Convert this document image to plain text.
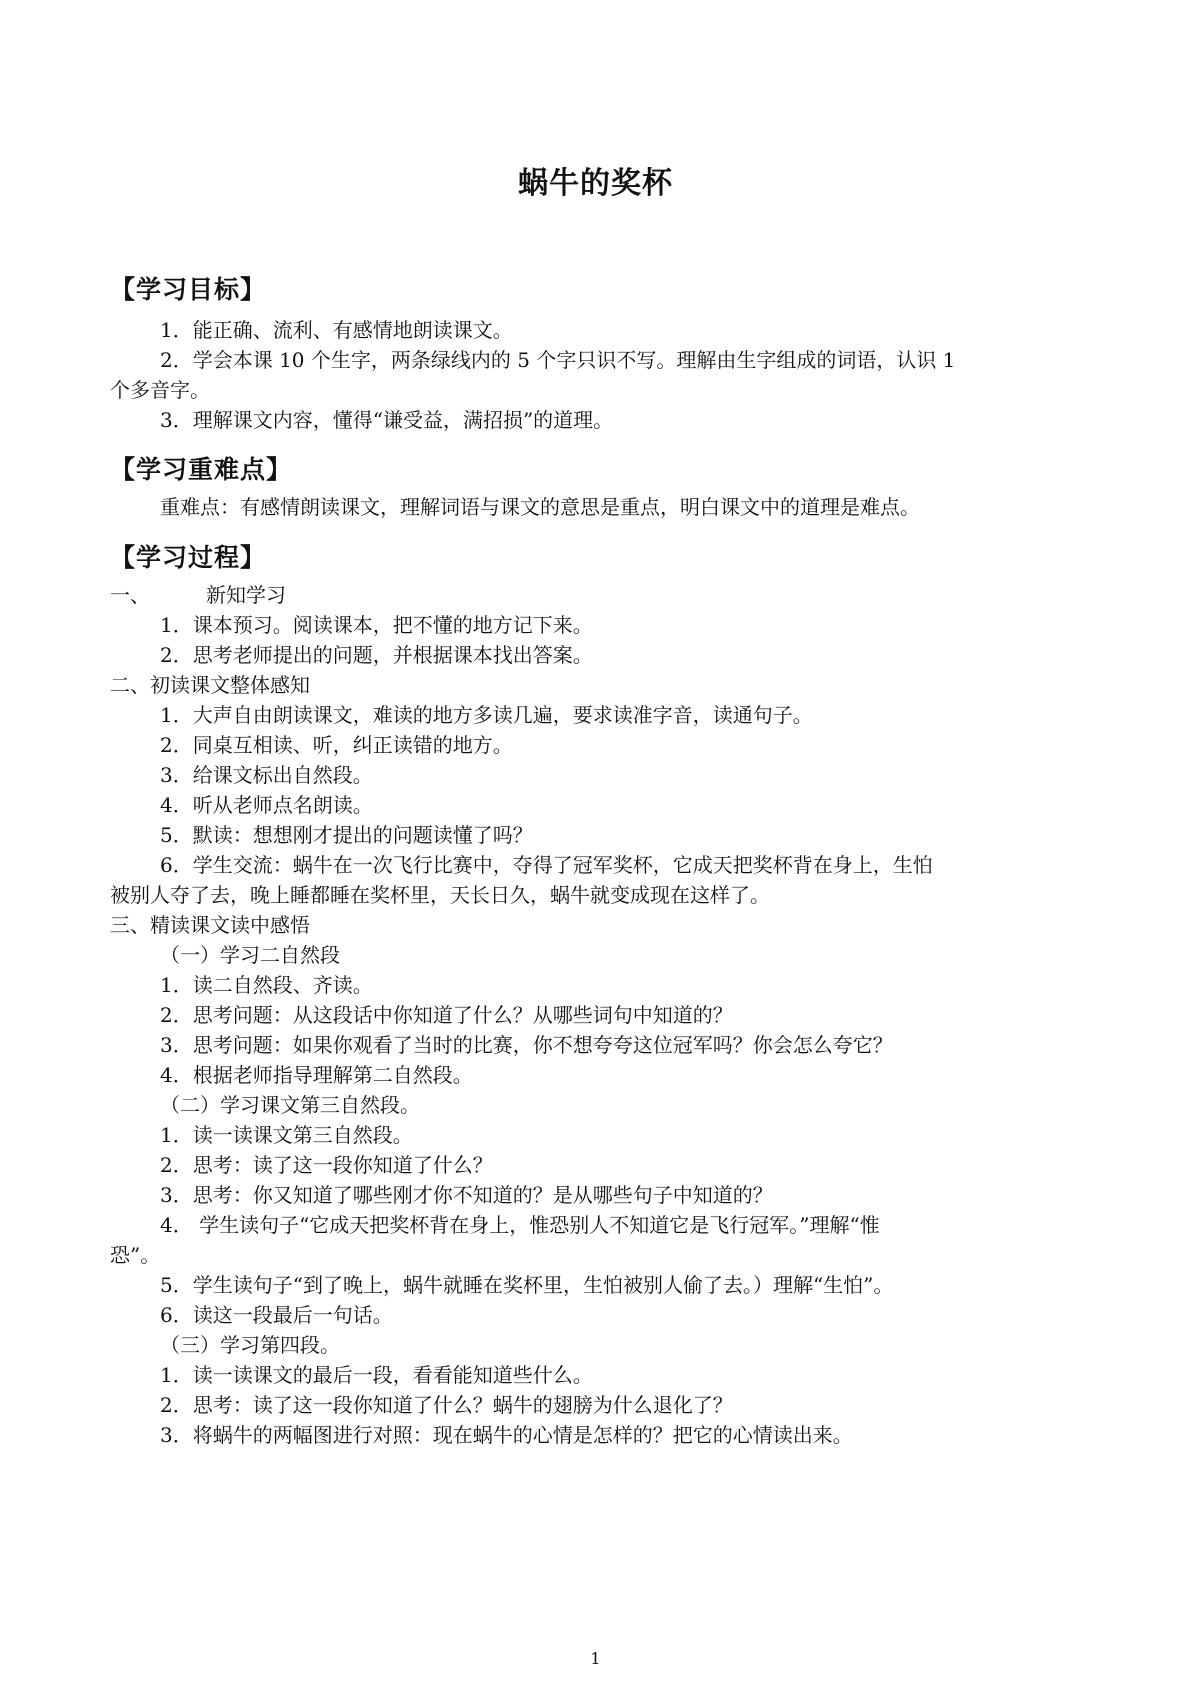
蜗牛的奖杯
【学习目标】
1．能正确、流利、有感情地朗读课文。
2．学会本课 10 个生字，两条绿线内的 5 个字只识不写。理解由生字组成的词语，认识 1
个多音字。
3．理解课文内容，懂得“谦受益，满招损”的道理。
【学习重难点】
重难点：有感情朗读课文，理解词语与课文的意思是重点，明白课文中的道理是难点。
【学习过程】
一、	新知学习
1．课本预习。阅读课本，把不懂的地方记下来。
2．思考老师提出的问题，并根据课本找出答案。
二、初读课文整体感知
1．大声自由朗读课文，难读的地方多读几遍，要求读准字音，读通句子。
2．同桌互相读、听，纠正读错的地方。
3．给课文标出自然段。
4．听从老师点名朗读。
5．默读：想想刚才提出的问题读懂了吗？
6．学生交流：蜗牛在一次飞行比赛中，夺得了冠军奖杯，它成天把奖杯背在身上，生怕
被别人夺了去，晚上睡都睡在奖杯里，天长日久，蜗牛就变成现在这样了。
三、精读课文读中感悟
（一）学习二自然段
1．读二自然段、齐读。
2．思考问题：从这段话中你知道了什么？从哪些词句中知道的？
3．思考问题：如果你观看了当时的比赛，你不想夸夸这位冠军吗？你会怎么夸它？
4．根据老师指导理解第二自然段。
（二）学习课文第三自然段。
1．读一读课文第三自然段。
2．思考：读了这一段你知道了什么？
3．思考：你又知道了哪些刚才你不知道的？是从哪些句子中知道的？
4． 学生读句子“它成天把奖杯背在身上，惟恐别人不知道它是飞行冠军。”理解“惟
恐”。
5．学生读句子“到了晚上，蜗牛就睡在奖杯里，生怕被别人偷了去。）理解“生怕”。
6．读这一段最后一句话。
（三）学习第四段。
1．读一读课文的最后一段，看看能知道些什么。
2．思考：读了这一段你知道了什么？蜗牛的翅膀为什么退化了？
3．将蜗牛的两幅图进行对照：现在蜗牛的心情是怎样的？把它的心情读出来。
1
